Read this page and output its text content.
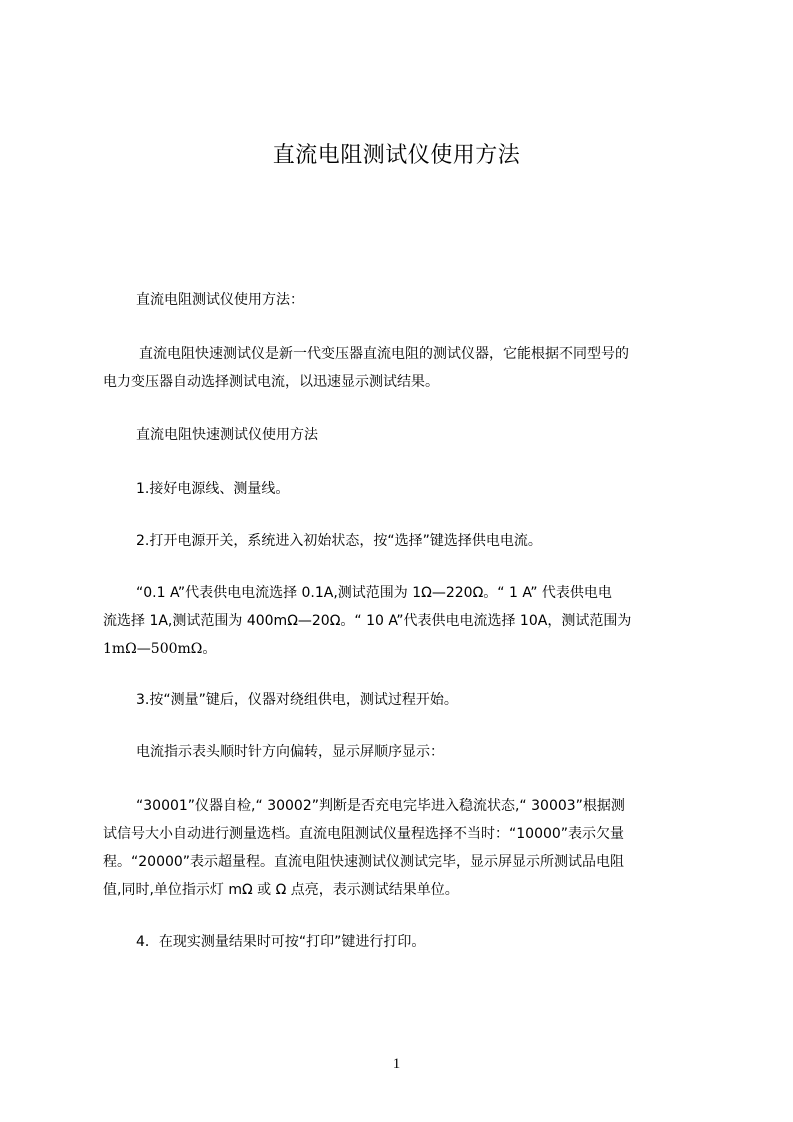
直流电阻测试仪使用方法

直流电阻测试仪使用方法：

直流电阻快速测试仪是新一代变压器直流电阻的测试仪器，它能根据不同型号的
电力变压器自动选择测试电流，以迅速显示测试结果。

直流电阻快速测试仪使用方法

1.接好电源线、测量线。

2.打开电源开关，系统进入初始状态，按“选择”键选择供电电流。

“0.1 A”代表供电电流选择 0.1A,测试范围为 1Ω—220Ω。“ 1 A” 代表供电电
流选择 1A,测试范围为 400mΩ—20Ω。“ 10 A”代表供电电流选择 10A，测试范围为
1mΩ—500mΩ。

3.按“测量”键后，仪器对绕组供电，测试过程开始。

电流指示表头顺时针方向偏转，显示屏顺序显示：

“30001”仪器自检,“ 30002”判断是否充电完毕进入稳流状态,“ 30003”根据测
试信号大小自动进行测量选档。直流电阻测试仪量程选择不当时：“10000”表示欠量
程。“20000”表示超量程。直流电阻快速测试仪测试完毕，显示屏显示所测试品电阻
值,同时,单位指示灯 mΩ 或 Ω 点亮，表示测试结果单位。

4．在现实测量结果时可按“打印”键进行打印。

1
